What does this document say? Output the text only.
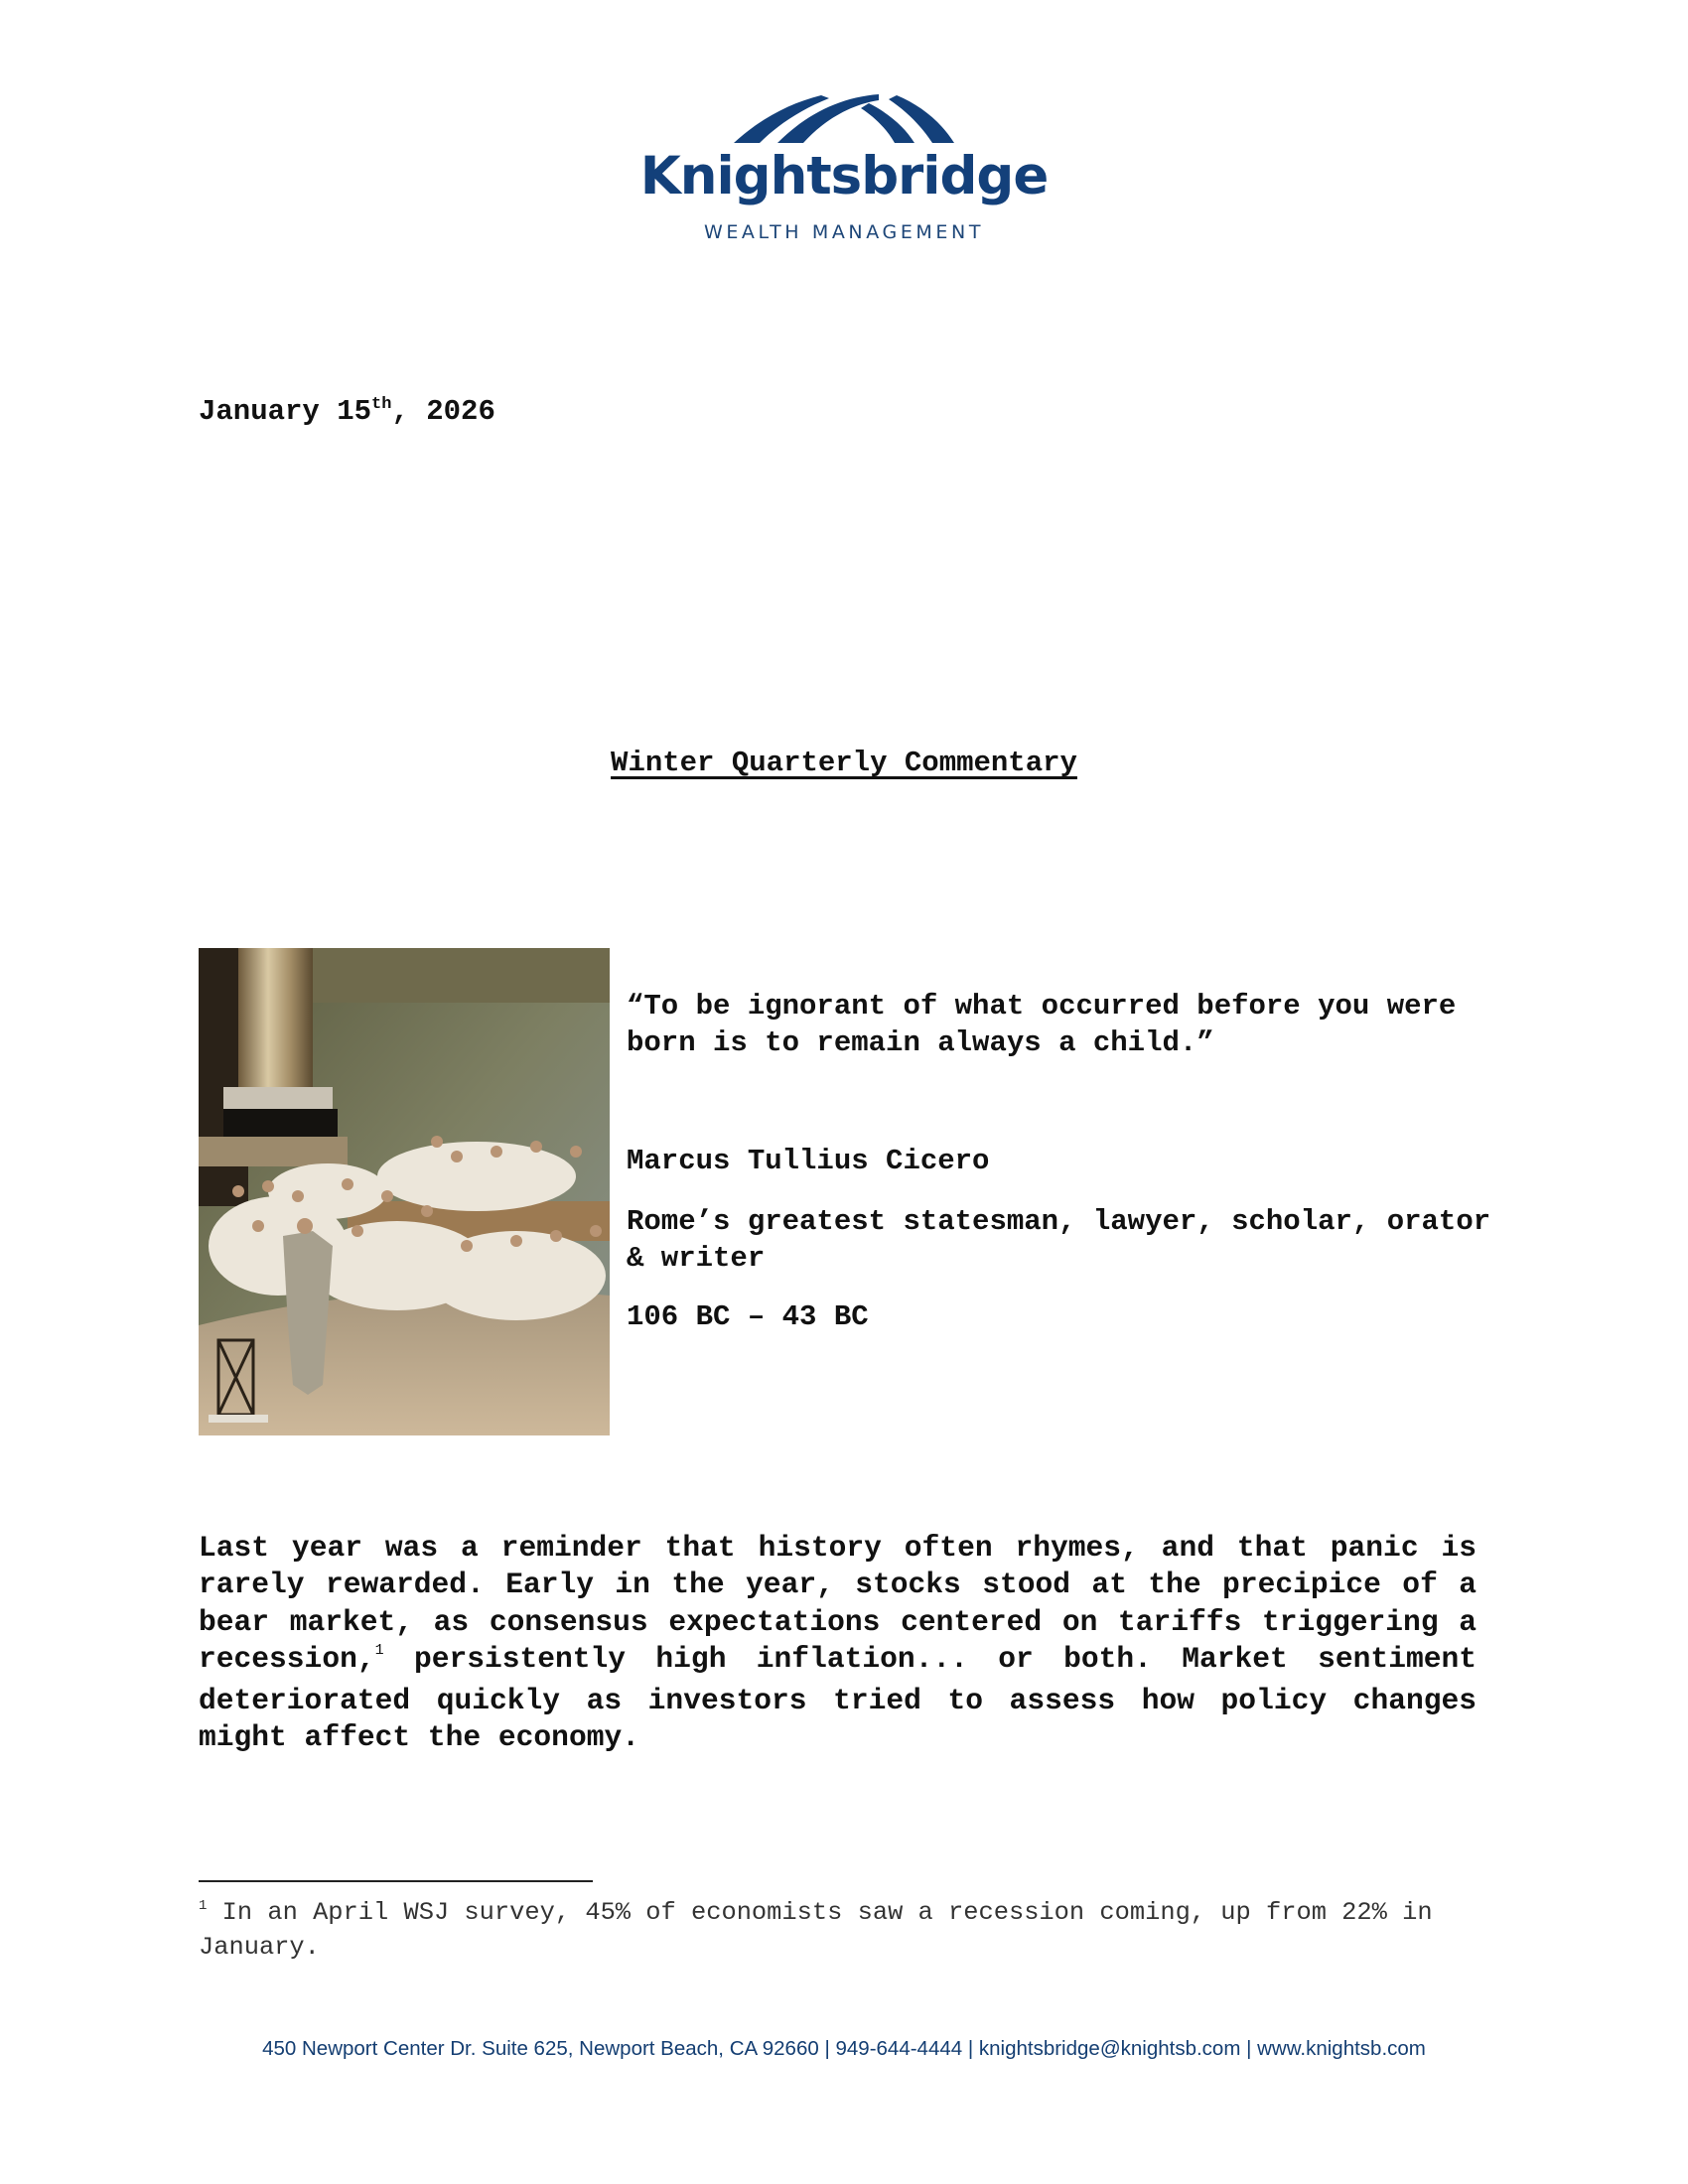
Knightsbridge
WEALTH MANAGEMENT
January 15th, 2026
Winter Quarterly Commentary

“To be ignorant of what occurred before you were born is to remain always a child.”

Marcus Tullius Cicero

Rome’s greatest statesman, lawyer, scholar, orator & writer

106 BC – 43 BC

Last year was a reminder that history often rhymes, and that panic is rarely rewarded. Early in the year, stocks stood at the precipice of a bear market, as consensus expectations centered on tariffs triggering a recession,$^1$ persistently high inflation... or both. Market sentiment deteriorated quickly as investors tried to assess how policy changes might affect the economy.

$^1$ In an April WSJ survey, 45% of economists saw a recession coming, up from 22% in January.

450 Newport Center Dr. Suite 625, Newport Beach, CA 92660 | 949-644-4444 | knightsbridge@knightsb.com | www.knightsb.com
